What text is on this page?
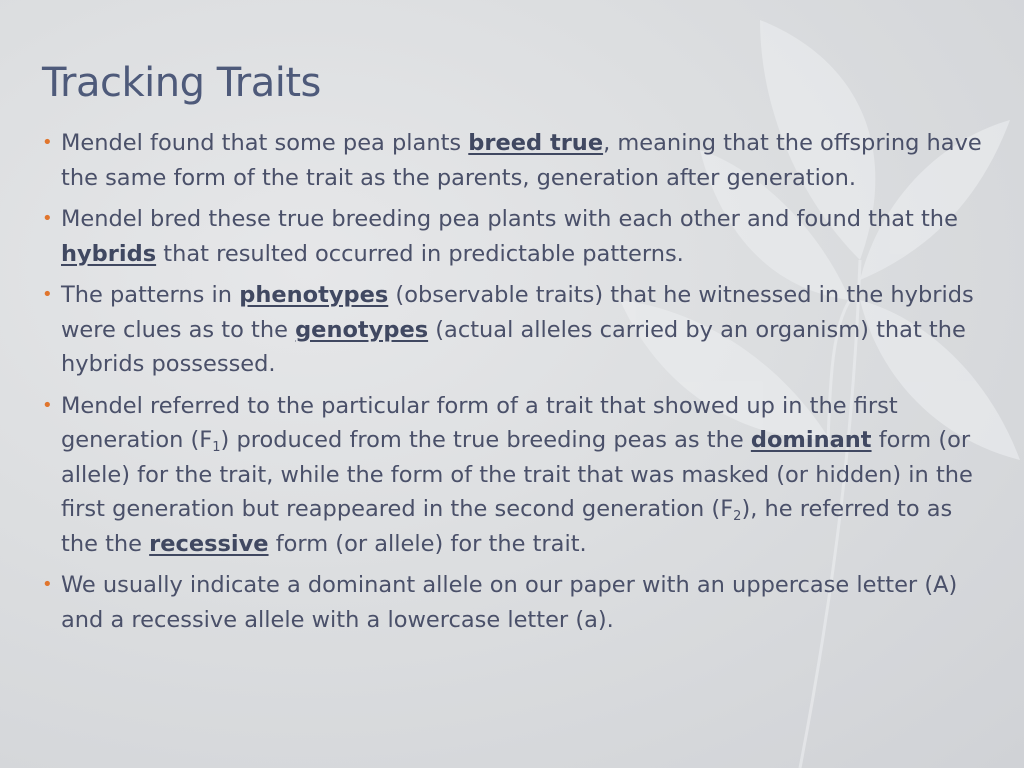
Tracking Traits
• Mendel found that some pea plants breed true, meaning that the offspring have the same form of the trait as the parents, generation after generation.
• Mendel bred these true breeding pea plants with each other and found that the hybrids that resulted occurred in predictable patterns.
• The patterns in phenotypes (observable traits) that he witnessed in the hybrids were clues as to the genotypes (actual alleles carried by an organism) that the hybrids possessed.
• Mendel referred to the particular form of a trait that showed up in the first generation $(F_1)$ produced from the true breeding peas as the dominant form (or allele) for the trait, while the form of the trait that was masked (or hidden) in the first generation but reappeared in the second generation $(F_2)$, he referred to as the the recessive form (or allele) for the trait.
• We usually indicate a dominant allele on our paper with an uppercase letter (A) and a recessive allele with a lowercase letter (a).
